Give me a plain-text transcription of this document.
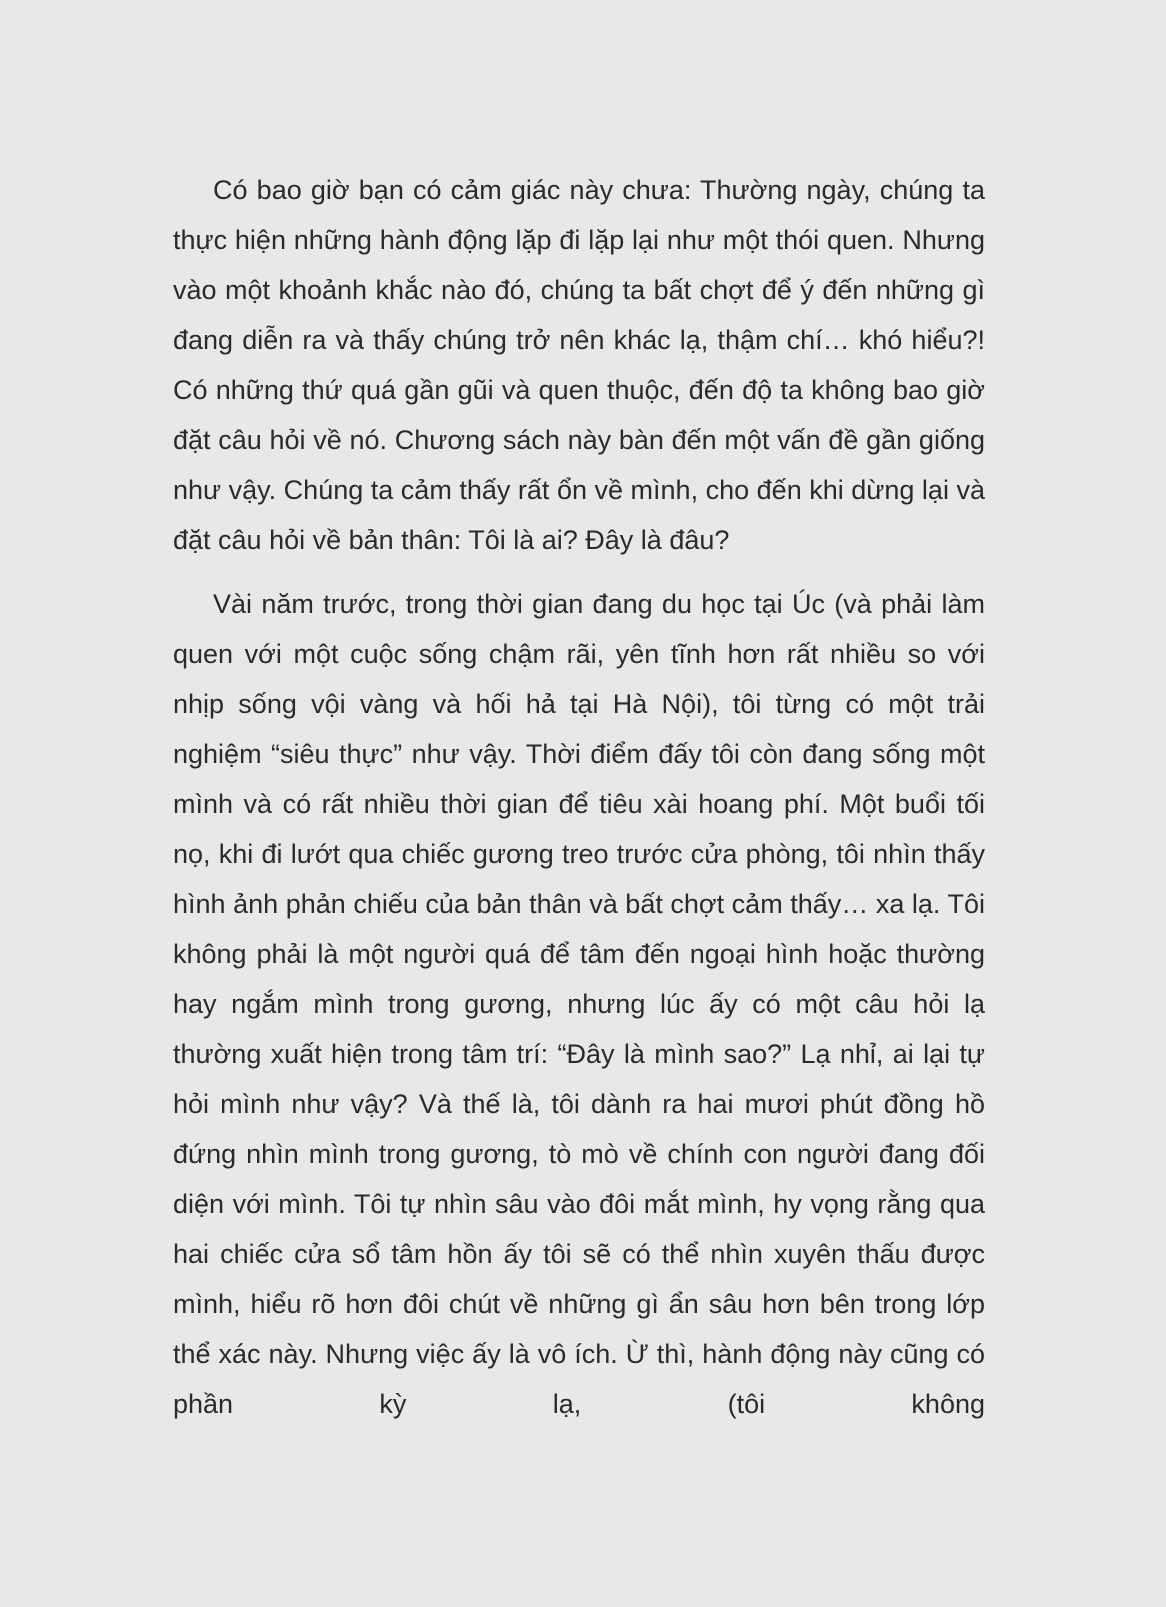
Có bao giờ bạn có cảm giác này chưa: Thường ngày, chúng ta thực hiện những hành động lặp đi lặp lại như một thói quen. Nhưng vào một khoảnh khắc nào đó, chúng ta bất chợt để ý đến những gì đang diễn ra và thấy chúng trở nên khác lạ, thậm chí… khó hiểu?! Có những thứ quá gần gũi và quen thuộc, đến độ ta không bao giờ đặt câu hỏi về nó. Chương sách này bàn đến một vấn đề gần giống như vậy. Chúng ta cảm thấy rất ổn về mình, cho đến khi dừng lại và đặt câu hỏi về bản thân: Tôi là ai? Đây là đâu?

Vài năm trước, trong thời gian đang du học tại Úc (và phải làm quen với một cuộc sống chậm rãi, yên tĩnh hơn rất nhiều so với nhịp sống vội vàng và hối hả tại Hà Nội), tôi từng có một trải nghiệm “siêu thực” như vậy. Thời điểm đấy tôi còn đang sống một mình và có rất nhiều thời gian để tiêu xài hoang phí. Một buổi tối nọ, khi đi lướt qua chiếc gương treo trước cửa phòng, tôi nhìn thấy hình ảnh phản chiếu của bản thân và bất chợt cảm thấy… xa lạ. Tôi không phải là một người quá để tâm đến ngoại hình hoặc thường hay ngắm mình trong gương, nhưng lúc ấy có một câu hỏi lạ thường xuất hiện trong tâm trí: “Đây là mình sao?” Lạ nhỉ, ai lại tự hỏi mình như vậy? Và thế là, tôi dành ra hai mươi phút đồng hồ đứng nhìn mình trong gương, tò mò về chính con người đang đối diện với mình. Tôi tự nhìn sâu vào đôi mắt mình, hy vọng rằng qua hai chiếc cửa sổ tâm hồn ấy tôi sẽ có thể nhìn xuyên thấu được mình, hiểu rõ hơn đôi chút về những gì ẩn sâu hơn bên trong lớp thể xác này. Nhưng việc ấy là vô ích. Ừ thì, hành động này cũng có phần kỳ lạ, (tôi không
